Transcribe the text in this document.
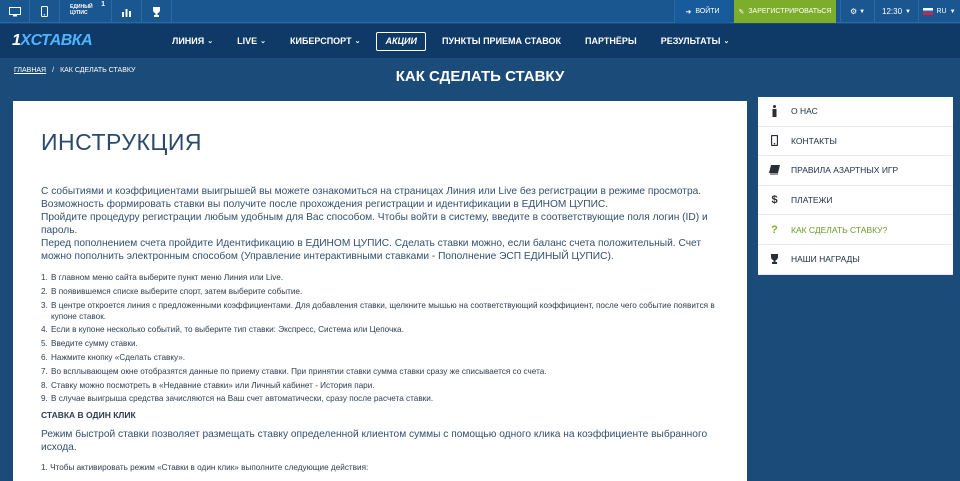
ЕДИНЫЙ
ЦУПИС
1
➜ ВОЙТИ	✎ ЗАРЕГИСТРИРОВАТЬСЯ ⚙ ▼ 12:30 ▼	RU ▼
1XСТАВКА	ЛИНИЯ ⌄	LIVE ⌄	КИБЕРСПОРТ ⌄	АКЦИИ	ПУНКТЫ ПРИЕМА СТАВОК	ПАРТНЁРЫ	РЕЗУЛЬТАТЫ ⌄
КАК СДЕЛАТЬ СТАВКУ
ГЛАВНАЯ / КАК СДЕЛАТЬ СТАВКУ
ИНСТРУКЦИЯ
С событиями и коэффициентами выигрышей вы можете ознакомиться на страницах Линия или Live без регистрации в режиме просмотра. Возможность формировать ставки вы получите после прохождения регистрации и идентификации в ЕДИНОМ ЦУПИС.
Пройдите процедуру регистрации любым удобным для Вас способом. Чтобы войти в систему, введите в соответствующие поля логин (ID) и пароль.
Перед пополнением счета пройдите Идентификацию в ЕДИНОМ ЦУПИС. Сделать ставки можно, если баланс счета положительный. Счет можно пополнить электронным способом (Управление интерактивными ставками - Пополнение ЭСП ЕДИНЫЙ ЦУПИС).
1. В главном меню сайта выберите пункт меню Линия или Live.
2. В появившемся списке выберите спорт, затем выберите событие.
3. В центре откроется линия с предложенными коэффициентами. Для добавления ставки, щелкните мышью на соответствующий коэффициент, после чего событие появится в купоне ставок.
4. Если в купоне несколько событий, то выберите тип ставки: Экспресс, Система или Цепочка.
5. Введите сумму ставки.
6. Нажмите кнопку «Сделать ставку».
7. Во всплывающем окне отобразятся данные по приему ставки. При принятии ставки сумма ставки сразу же списывается со счета.
8. Ставку можно посмотреть в «Недавние ставки» или Личный кабинет - История пари.
9. В случае выигрыша средства зачисляются на Ваш счет автоматически, сразу после расчета ставки.
СТАВКА В ОДИН КЛИК
Режим быстрой ставки позволяет размещать ставку определенной клиентом суммы с помощью одного клика на коэффициенте выбранного исхода.
1. Чтобы активировать режим «Ставки в один клик» выполните следующие действия:
О НАС
КОНТАКТЫ
ПРАВИЛА АЗАРТНЫХ ИГР
$	ПЛАТЕЖИ
?	КАК СДЕЛАТЬ СТАВКУ?
НАШИ НАГРАДЫ
